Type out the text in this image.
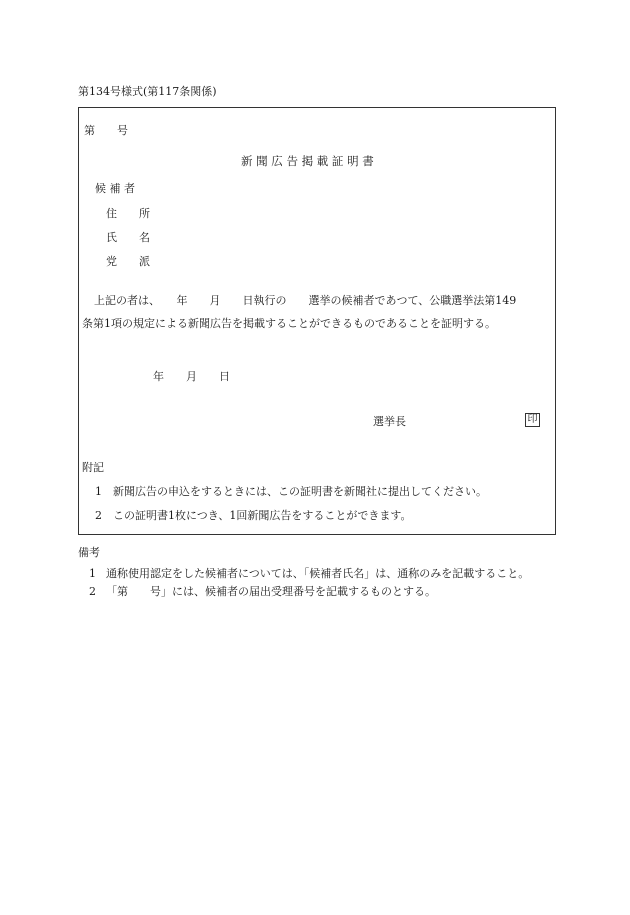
第134号様式(第117条関係)
第　　号
新 聞 広 告 掲 載 証 明 書
候 補 者
住　　所
氏　　名
党　　派
上記の者は、　　年　　月　　日執行の　　選挙の候補者であつて、公職選挙法第149
条第1項の規定による新聞広告を掲載することができるものであることを証明する。
年　　月　　日
選挙長	印
附記
1 新聞広告の申込をするときには、この証明書を新聞社に提出してください。
2 この証明書1枚につき、1回新聞広告をすることができます。
備考
1 通称使用認定をした候補者については、「候補者氏名」は、通称のみを記載すること。
2 「第　　号」には、候補者の届出受理番号を記載するものとする。
